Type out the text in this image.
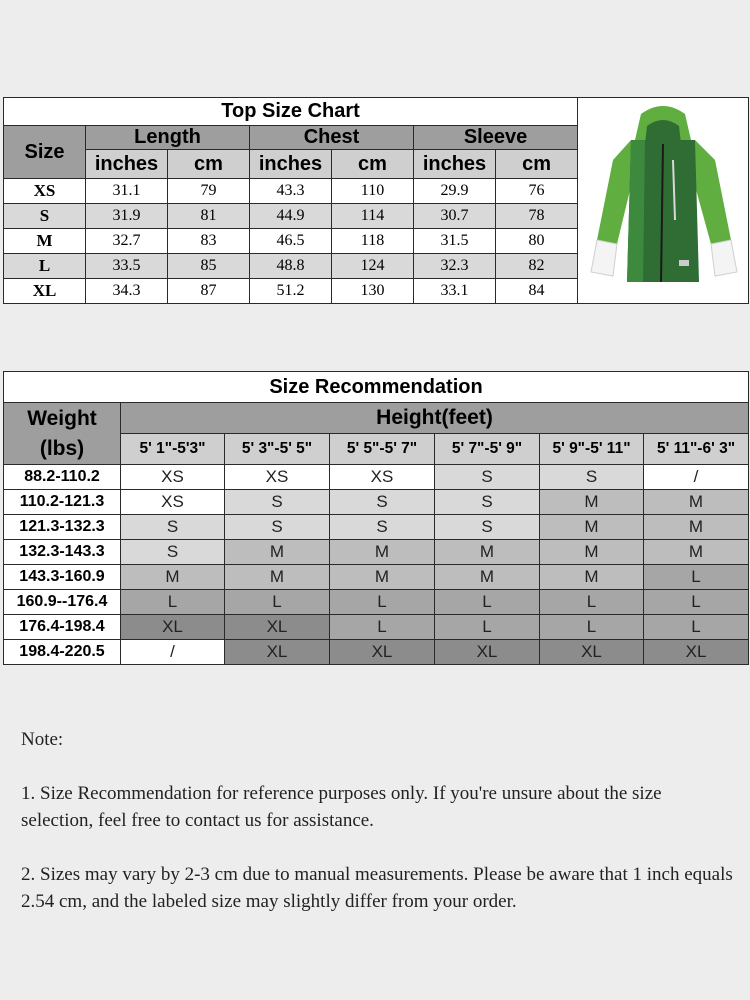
Top Size Chart	
Size	Length		Chest		Sleeve		
	inches	cm	inches	cm	inches	cm	
XS	31.1	79	43.3	110	29.9	76	
S	31.9	81	44.9	114	30.7	78	
M	32.7	83	46.5	118	31.5	80	
L	33.5	85	48.8	124	32.3	82	
XL	34.3	87	51.2	130	33.1	84	
Size Recommendation						

Weight
(lbs)	Height(feet)					
	5' 1"-5'3"	5' 3"-5' 5"	5' 5"-5' 7"	5' 7"-5' 9"	5' 9"-5' 11"	5' 11"-6' 3"
88.2-110.2	XS	XS	XS	S	S	/
110.2-121.3	XS	S	S	S	M	M
121.3-132.3	S	S	S	S	M	M
132.3-143.3	S	M	M	M	M	M
143.3-160.9	M	M	M	M	M	L
160.9--176.4	L	L	L	L	L	L
176.4-198.4	XL	XL	L	L	L	L
198.4-220.5	/	XL	XL	XL	XL	XL

Note:

1. Size Recommendation for reference purposes only. If you're unsure about the size selection, feel free to contact us for assistance.

2. Sizes may vary by 2-3 cm due to manual measurements. Please be aware that 1 inch equals 2.54 cm, and the labeled size may slightly differ from your order.
